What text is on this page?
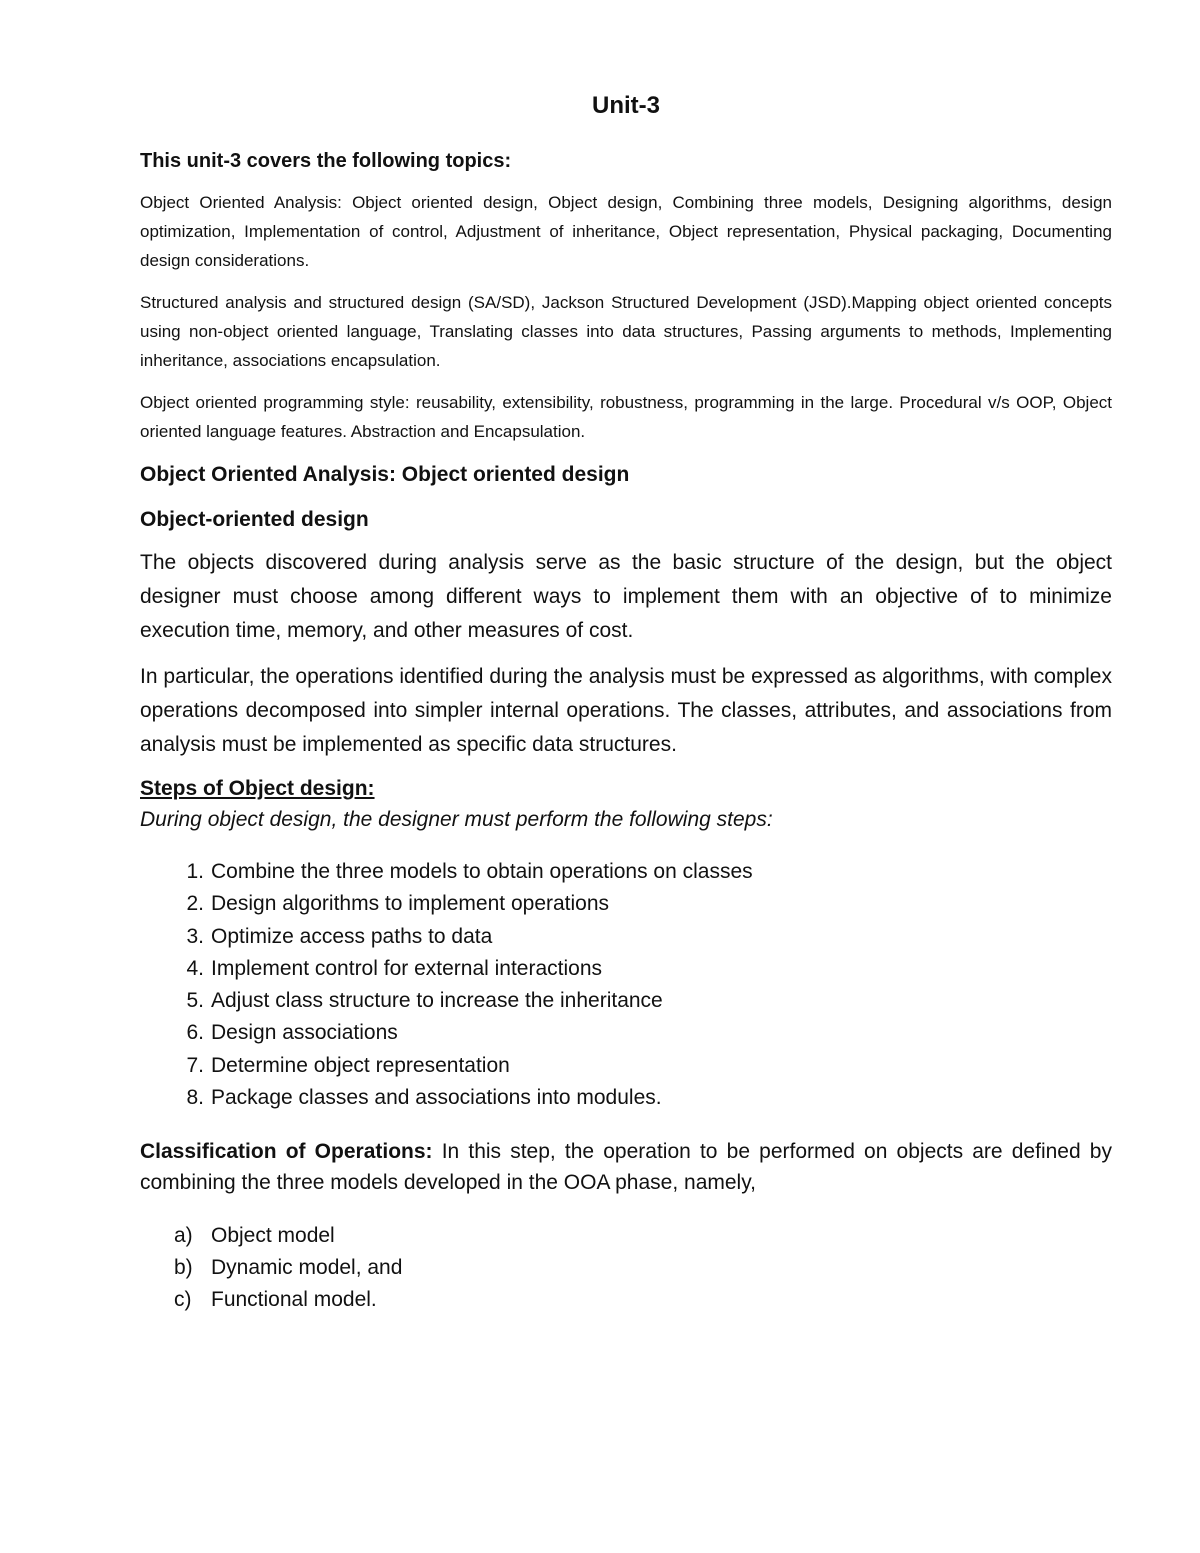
Unit-3
This unit-3 covers the following topics:

Object Oriented Analysis: Object oriented design, Object design, Combining three models, Designing algorithms, design optimization, Implementation of control, Adjustment of inheritance, Object representation, Physical packaging, Documenting design considerations.

Structured analysis and structured design (SA/SD), Jackson Structured Development (JSD).Mapping object oriented concepts using non-object oriented language, Translating classes into data structures, Passing arguments to methods, Implementing inheritance, associations encapsulation.

Object oriented programming style: reusability, extensibility, robustness, programming in the large. Procedural v/s OOP, Object oriented language features. Abstraction and Encapsulation.

Object Oriented Analysis: Object oriented design
Object-oriented design

The objects discovered during analysis serve as the basic structure of the design, but the object designer must choose among different ways to implement them with an objective of to minimize execution time, memory, and other measures of cost.

In particular, the operations identified during the analysis must be expressed as algorithms, with complex operations decomposed into simpler internal operations. The classes, attributes, and associations from analysis must be implemented as specific data structures.

Steps of Object design:
During object design, the designer must perform the following steps:
1. Combine the three models to obtain operations on classes
2. Design algorithms to implement operations
3. Optimize access paths to data
4. Implement control for external interactions
5. Adjust class structure to increase the inheritance
6. Design associations
7. Determine object representation
8. Package classes and associations into modules.

Classification of Operations: In this step, the operation to be performed on objects are defined by combining the three models developed in the OOA phase, namely,

a) Object model
b) Dynamic model, and
c) Functional model.
